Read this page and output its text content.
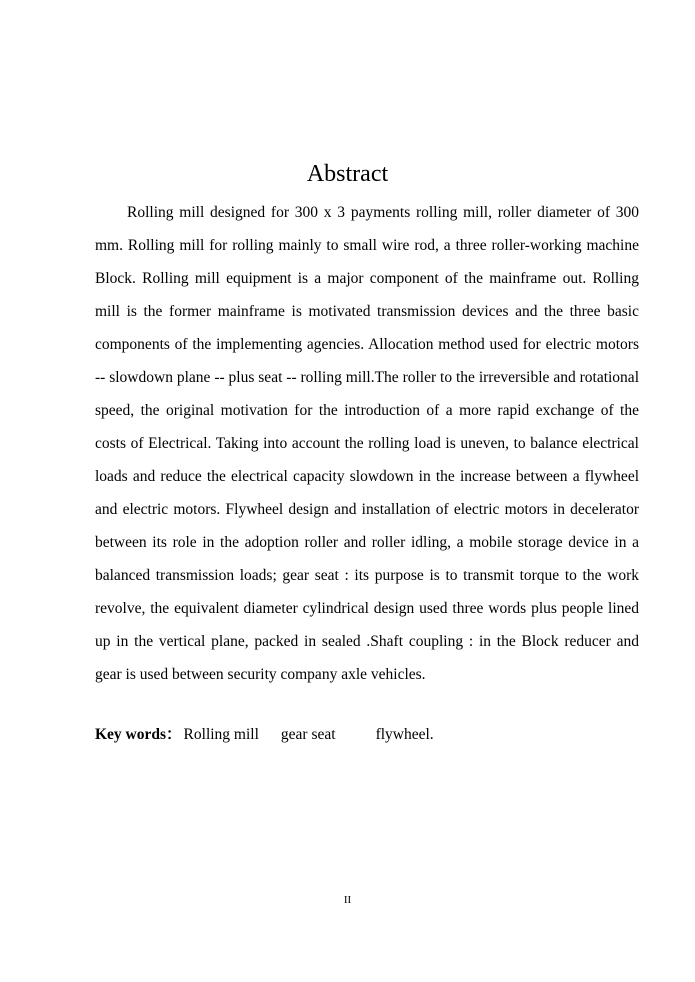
Abstract

Rolling mill designed for 300 x 3 payments rolling mill, roller diameter of 300 mm. Rolling mill for rolling mainly to small wire rod, a three roller-working machine Block. Rolling mill equipment is a major component of the mainframe out. Rolling mill is the former mainframe is motivated transmission devices and the three basic components of the implementing agencies. Allocation method used for electric motors -- slowdown plane -- plus seat -- rolling mill.The roller to the irreversible and rotational speed, the original motivation for the introduction of a more rapid exchange of the costs of Electrical. Taking into account the rolling load is uneven, to balance electrical loads and reduce the electrical capacity slowdown in the increase between a flywheel and electric motors. Flywheel design and installation of electric motors in decelerator between its role in the adoption roller and roller idling, a mobile storage device in a balanced transmission loads; gear seat : its purpose is to transmit torque to the work revolve, the equivalent diameter cylindrical design used three words plus people lined up in the vertical plane, packed in sealed .Shaft coupling : in the Block reducer and gear is used between security company axle vehicles.

Key words： Rolling mill gear seat	flywheel.
II
